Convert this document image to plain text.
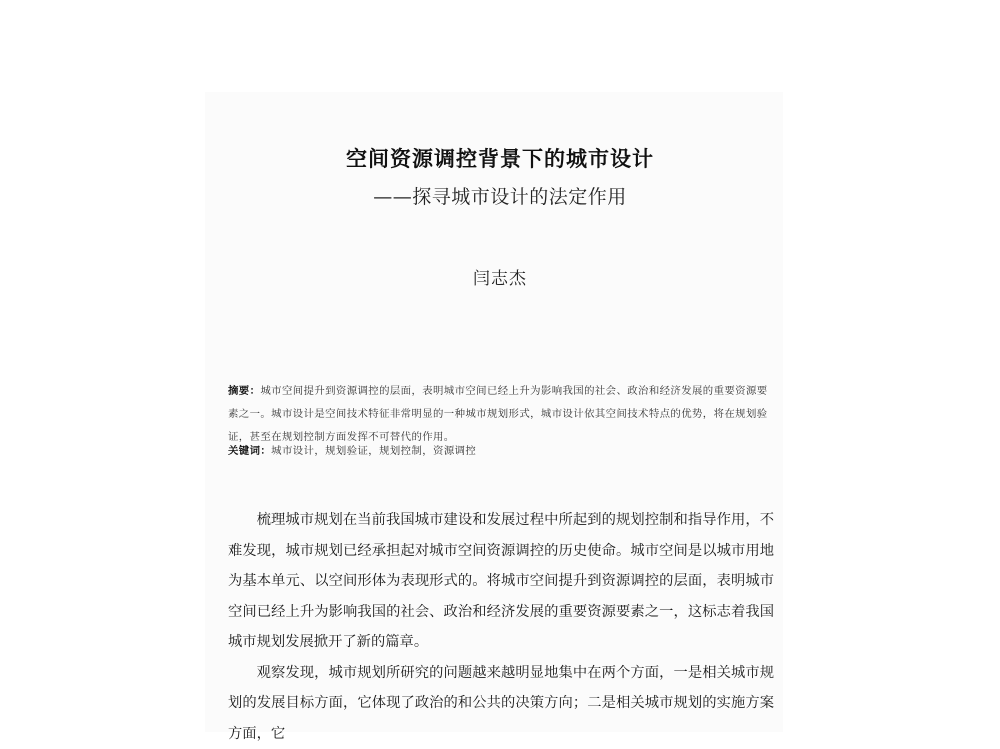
空间资源调控背景下的城市设计
——探寻城市设计的法定作用
闫志杰
摘要：城市空间提升到资源调控的层面，表明城市空间已经上升为影响我国的社会、政治和经济发展的重要资源要素之一。城市设计是空间技术特征非常明显的一种城市规划形式，城市设计依其空间技术特点的优势，将在规划验证，甚至在规划控制方面发挥不可替代的作用。
关键词：城市设计，规划验证，规划控制，资源调控

梳理城市规划在当前我国城市建设和发展过程中所起到的规划控制和指导作用，不难发现，城市规划已经承担起对城市空间资源调控的历史使命。城市空间是以城市用地为基本单元、以空间形体为表现形式的。将城市空间提升到资源调控的层面，表明城市空间已经上升为影响我国的社会、政治和经济发展的重要资源要素之一，这标志着我国城市规划发展掀开了新的篇章。

观察发现，城市规划所研究的问题越来越明显地集中在两个方面，一是相关城市规划的发展目标方面，它体现了政治的和公共的决策方向；二是相关城市规划的实施方案方面，它
